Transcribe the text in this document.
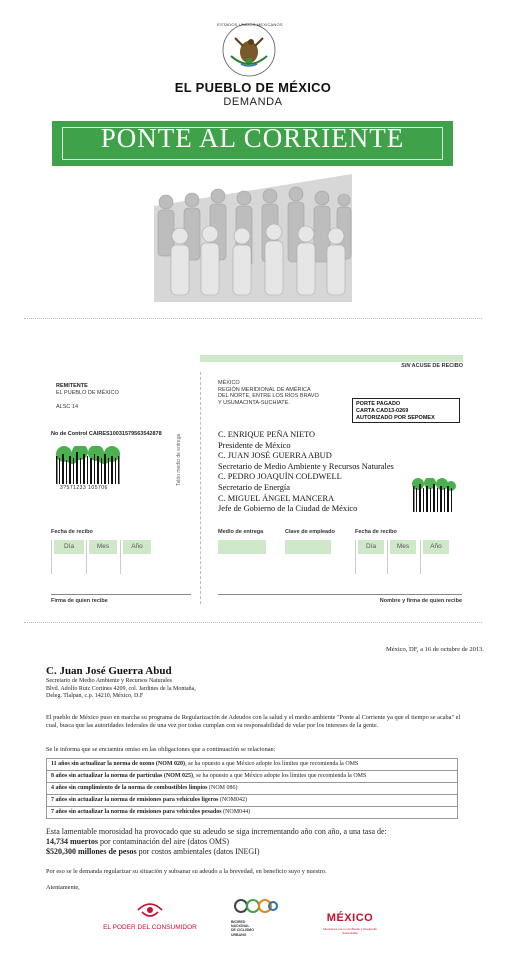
ESTADOS UNIDOS MEXICANOS
EL PUEBLO DE MÉXICO
DEMANDA
PONTE AL CORRIENTE
SIN ACUSE DE RECIBO
Talón medio de entrega
REMITENTE
EL PUEBLO DE MÉXICO
ALSC 14
No de Control CAIRES10031579563542878
3?571233 105706
MÉXICO
REGIÓN MERIDIONAL DE AMÉRICA
DEL NORTE, ENTRE LOS RÍOS BRAVO
Y USUMACINTA-SUCHIATE.	PORTE PAGADO
CARTA CAD13-0269
AUTORIZADO POR SEPOMEX
C. ENRIQUE PEÑA NIETO
Presidente de México
C. JUAN JOSÉ GUERRA ABUD
Secretario de Medio Ambiente y Recursos Naturales
C. PEDRO JOAQUÍN COLDWELL
Secretario de Energía
C. MIGUEL ÁNGEL MANCERA
Jefe de Gobierno de la Ciudad de México
Fecha de recibo
Día	Mes	Año
Firma de quien recibe
Medio de entrega	Clave de empleado	Fecha de recibo
Día	Mes	Año
Nombre y firma de quien recibe
México, DF, a 16 de octubre de 2013.
C. Juan José Guerra Abud
Secretario de Medio Ambiente y Recursos Naturales
Blvd. Adolfo Ruiz Cortines 4209, col. Jardines de la Montaña,
Deleg. Tlalpan, c.p. 14210, México, D.F
El pueblo de México puso en marcha su programa de Regularización de Adeudos con la salud y el medio ambiente "Ponte al Corriente ya que el tiempo se acaba" el cual, busca que las autoridades federales de una vez por todas cumplan con su responsabilidad de velar por los intereses de la gente.
Se le informa que se encuentra omiso en las obligaciones que a continuación se relacionan:
11 años sin actualizar la norma de ozono (NOM 020), se ha opuesto a que México adopte los límites que recomienda la OMS
8 años sin actualizar la norma de partículas (NOM 025), se ha opuesto a que México adopte los límites que recomienda la OMS
4 años sin cumplimiento de la norma de combustibles limpios (NOM 086)
7 años sin actualizar la norma de emisiones para vehículos ligeros (NOM042)
7 años sin actualizar la norma de emisiones para vehículos pesados (NOM044)
Esta lamentable morosidad ha provocado que su adeudo se siga incrementando año con año, a una tasa de:
14,734 muertos por contaminación del aire (datos OMS)
$520,300 millones de pesos por costos ambientales (datos INEGI)
Por eso se le demanda regularizar su situación y subsanar su adeudo a la brevedad, en beneficio suyo y nuestro.
Atentamente,
EL PODER DEL CONSUMIDOR
BICIRED
NACIONAL
DE CICLISMO
URBANO
MÉXICO
Mexicanos por un Ambiente y Desarrollo Sustentable
